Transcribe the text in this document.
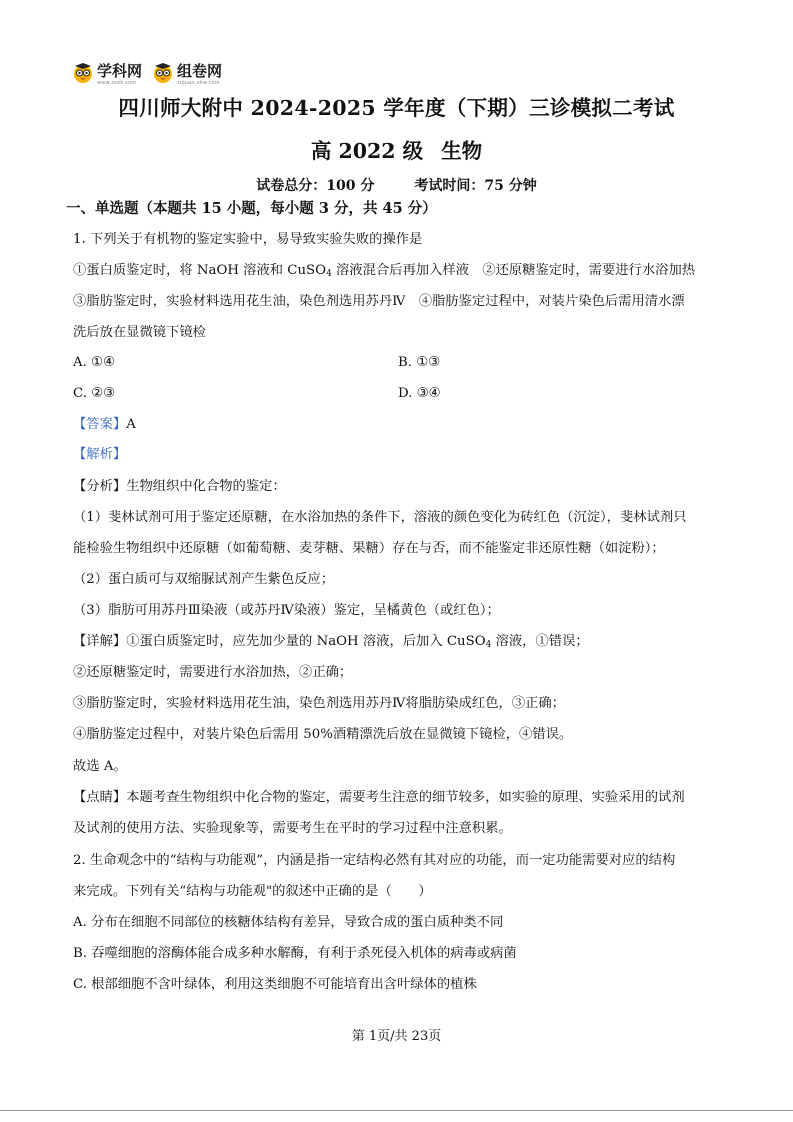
学科网
www.zxxk.com
组卷网
zujuan.xkw.com
四川师大附中 2024-2025 学年度（下期）三诊模拟二考试
高 2022 级 生物
试卷总分：100 分	考试时间：75 分钟
一、单选题（本题共 15 小题，每小题 3 分，共 45 分）
1. 下列关于有机物的鉴定实验中，易导致实验失败的操作是
①蛋白质鉴定时，将 NaOH 溶液和 CuSO$_4$ 溶液混合后再加入样液　②还原糖鉴定时，需要进行水浴加热
③脂肪鉴定时，实验材料选用花生油，染色剂选用苏丹Ⅳ　④脂肪鉴定过程中，对装片染色后需用清水漂
洗后放在显微镜下镜检
A. ①④	B. ①③
C. ②③	D. ③④
【答案】A
【解析】
【分析】生物组织中化合物的鉴定：
（1）斐林试剂可用于鉴定还原糖，在水浴加热的条件下，溶液的颜色变化为砖红色（沉淀），斐林试剂只
能检验生物组织中还原糖（如葡萄糖、麦芽糖、果糖）存在与否，而不能鉴定非还原性糖（如淀粉）；
（2）蛋白质可与双缩脲试剂产生紫色反应；
（3）脂肪可用苏丹Ⅲ染液（或苏丹Ⅳ染液）鉴定，呈橘黄色（或红色）；
【详解】①蛋白质鉴定时，应先加少量的 NaOH 溶液，后加入 CuSO$_4$ 溶液，①错误；
②还原糖鉴定时，需要进行水浴加热，②正确；
③脂肪鉴定时，实验材料选用花生油，染色剂选用苏丹Ⅳ将脂肪染成红色，③正确；
④脂肪鉴定过程中，对装片染色后需用 50%酒精漂洗后放在显微镜下镜检，④错误。
故选 A。
【点睛】本题考查生物组织中化合物的鉴定，需要考生注意的细节较多，如实验的原理、实验采用的试剂
及试剂的使用方法、实验现象等，需要考生在平时的学习过程中注意积累。
2. 生命观念中的“结构与功能观”，内涵是指一定结构必然有其对应的功能，而一定功能需要对应的结构
来完成。下列有关“结构与功能观"的叙述中正确的是（　　）
A. 分布在细胞不同部位的核糖体结构有差异，导致合成的蛋白质种类不同
B. 吞噬细胞的溶酶体能合成多种水解酶，有利于杀死侵入机体的病毒或病菌
C. 根部细胞不含叶绿体，利用这类细胞不可能培育出含叶绿体的植株
第 1页/共 23页
